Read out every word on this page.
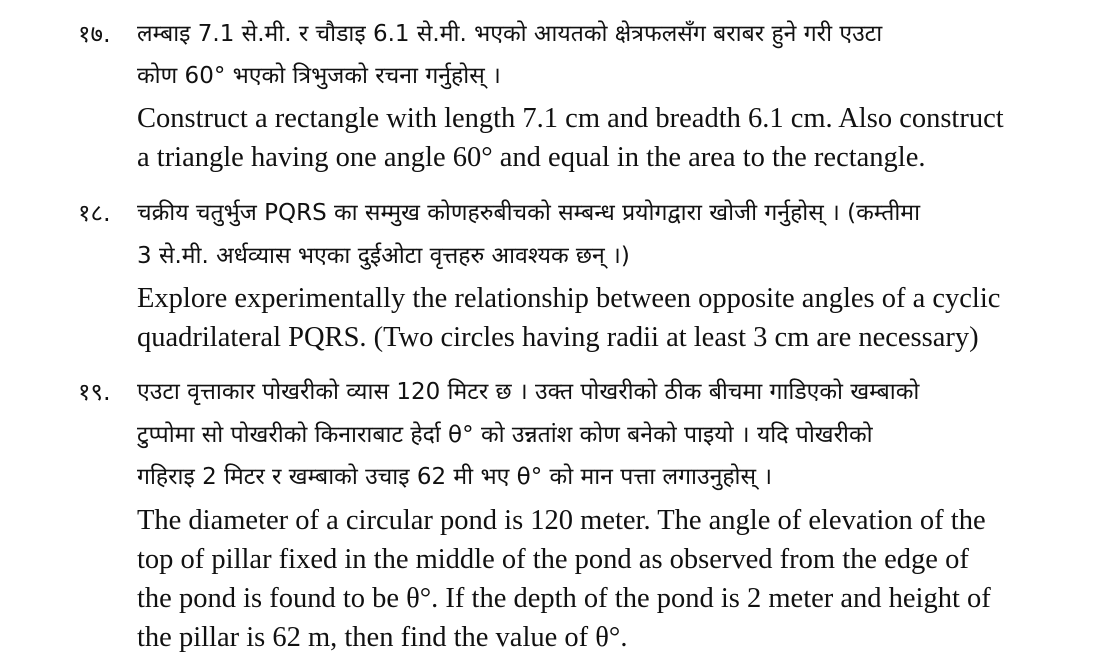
१७. लम्बाइ 7.1 से.मी. र चौडाइ 6.1 से.मी. भएको आयतको क्षेत्रफलसँग बराबर हुने गरी एउटा
कोण 60° भएको त्रिभुजको रचना गर्नुहोस् ।
Construct a rectangle with length 7.1 cm and breadth 6.1 cm. Also construct
a triangle having one angle 60° and equal in the area to the rectangle.
१८. चक्रीय चतुर्भुज PQRS का सम्मुख कोणहरुबीचको सम्बन्ध प्रयोगद्वारा खोजी गर्नुहोस् । (कम्तीमा
3 से.मी. अर्धव्यास भएका दुईओटा वृत्तहरु आवश्यक छन् ।)
Explore experimentally the relationship between opposite angles of a cyclic
quadrilateral PQRS. (Two circles having radii at least 3 cm are necessary)
१९. एउटा वृत्ताकार पोखरीको व्यास 120 मिटर छ । उक्त पोखरीको ठीक बीचमा गाडिएको खम्बाको
टुप्पोमा सो पोखरीको किनाराबाट हेर्दा θ° को उन्नतांश कोण बनेको पाइयो । यदि पोखरीको
गहिराइ 2 मिटर र खम्बाको उचाइ 62 मी भए θ° को मान पत्ता लगाउनुहोस् ।
The diameter of a circular pond is 120 meter. The angle of elevation of the
top of pillar fixed in the middle of the pond as observed from the edge of
the pond is found to be θ°. If the depth of the pond is 2 meter and height of
the pillar is 62 m, then find the value of θ°.
